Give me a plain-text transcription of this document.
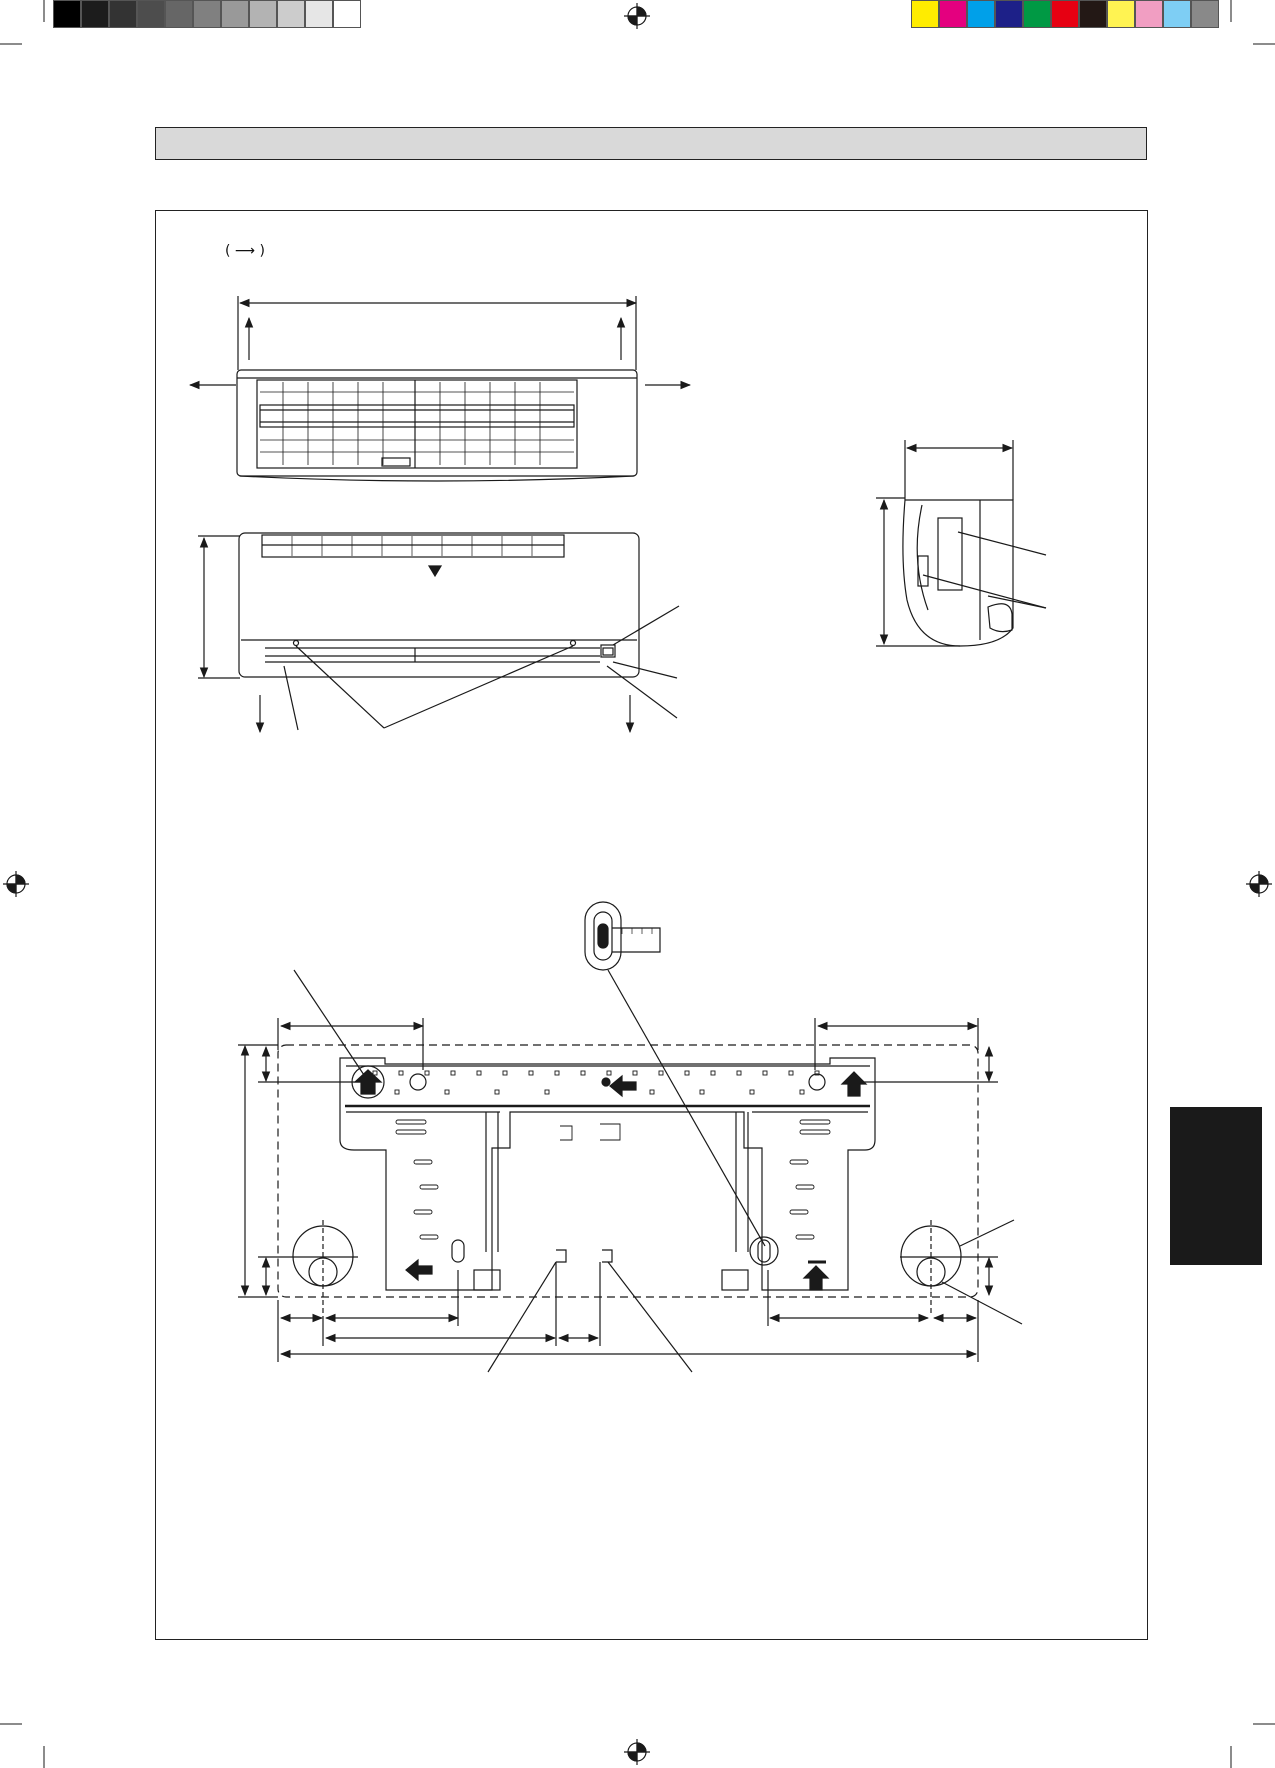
( ⟶ )
